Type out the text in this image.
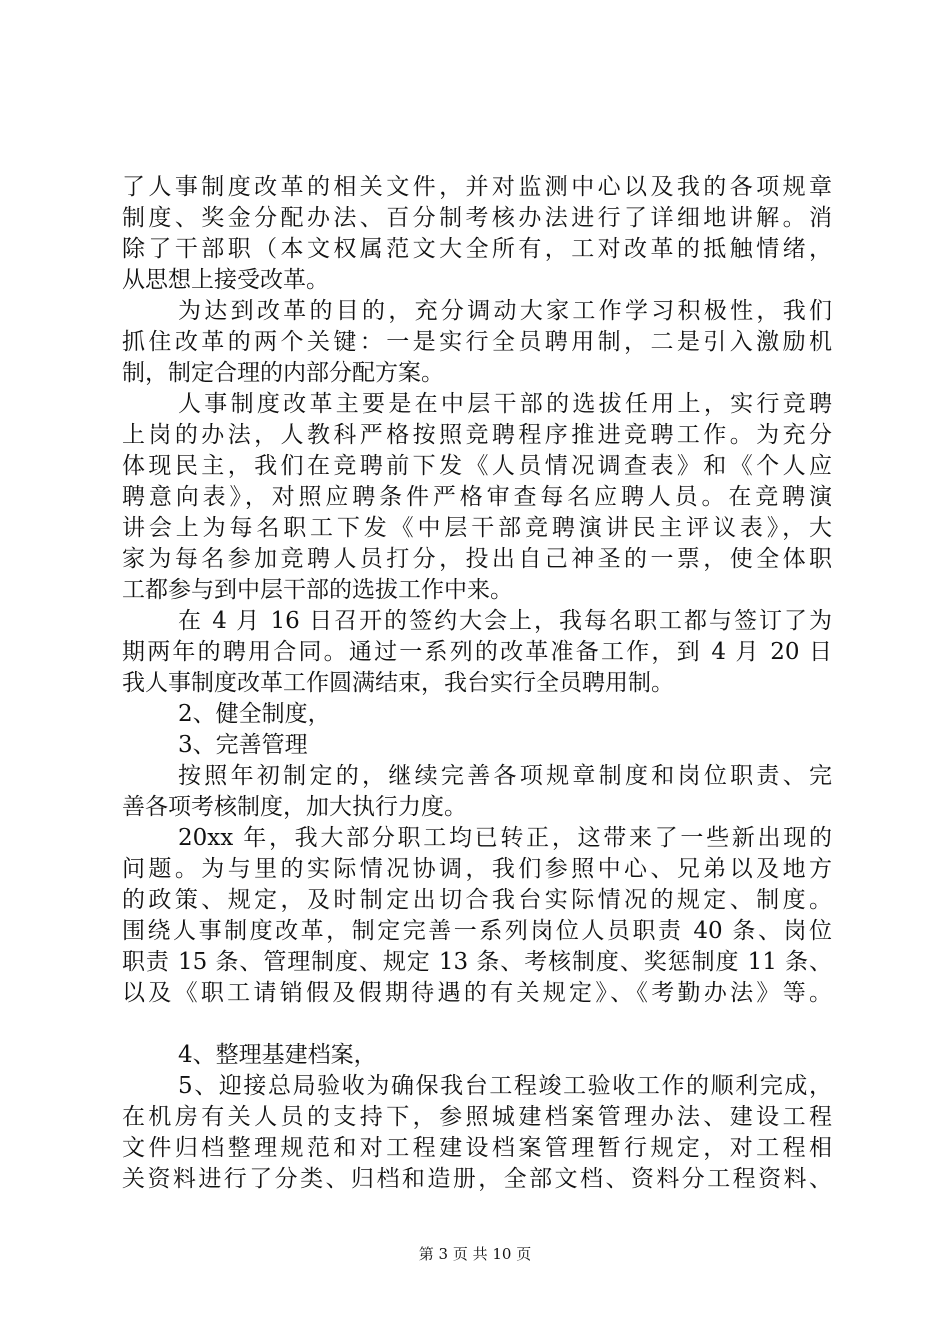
了人事制度改革的相关文件，并对监测中心以及我的各项规章
制度、奖金分配办法、百分制考核办法进行了详细地讲解。消
除了干部职（本文权属范文大全所有，工对改革的抵触情绪，
从思想上接受改革。
为达到改革的目的，充分调动大家工作学习积极性，我们
抓住改革的两个关键：一是实行全员聘用制，二是引入激励机
制，制定合理的内部分配方案。
人事制度改革主要是在中层干部的选拔任用上，实行竞聘
上岗的办法，人教科严格按照竞聘程序推进竞聘工作。为充分
体现民主，我们在竞聘前下发《人员情况调查表》和《个人应
聘意向表》，对照应聘条件严格审查每名应聘人员。在竞聘演
讲会上为每名职工下发《中层干部竞聘演讲民主评议表》，大
家为每名参加竞聘人员打分，投出自己神圣的一票，使全体职
工都参与到中层干部的选拔工作中来。
在 4 月 16 日召开的签约大会上，我每名职工都与签订了为
期两年的聘用合同。通过一系列的改革准备工作，到 4 月 20 日
我人事制度改革工作圆满结束，我台实行全员聘用制。
2、健全制度，
3、完善管理
按照年初制定的，继续完善各项规章制度和岗位职责、完
善各项考核制度，加大执行力度。
20xx 年，我大部分职工均已转正，这带来了一些新出现的
问题。为与里的实际情况协调，我们参照中心、兄弟以及地方
的政策、规定，及时制定出切合我台实际情况的规定、制度。
围绕人事制度改革，制定完善一系列岗位人员职责 40 条、岗位
职责 15 条、管理制度、规定 13 条、考核制度、奖惩制度 11 条、
以及《职工请销假及假期待遇的有关规定》、《考勤办法》等。
4、整理基建档案，
5、迎接总局验收为确保我台工程竣工验收工作的顺利完成，
在机房有关人员的支持下，参照城建档案管理办法、建设工程
文件归档整理规范和对工程建设档案管理暂行规定，对工程相
关资料进行了分类、归档和造册，全部文档、资料分工程资料、
第 3 页 共 10 页
